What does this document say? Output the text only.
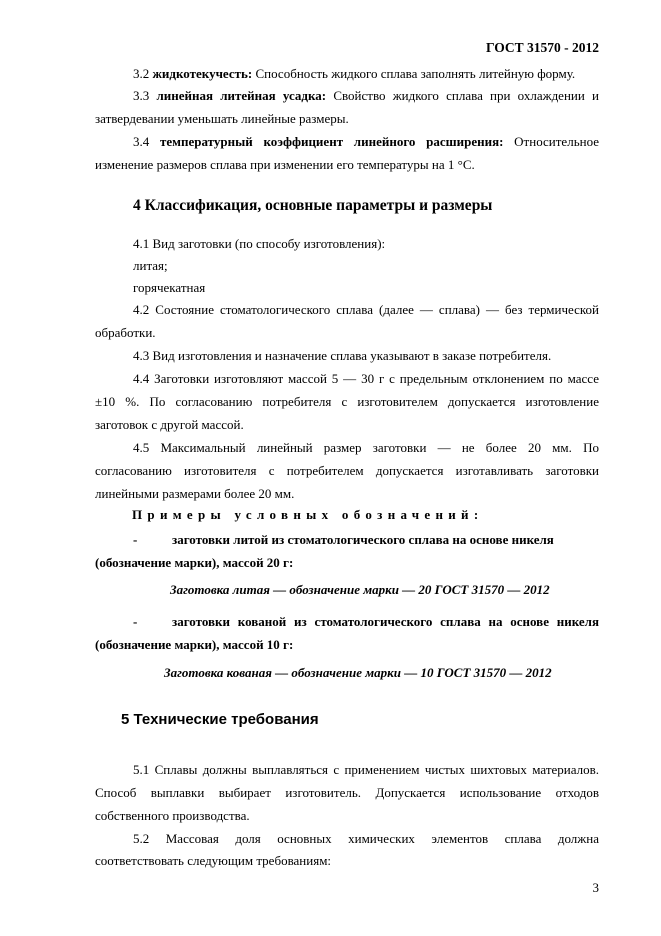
ГОСТ 31570 - 2012
3.2 жидкотекучесть: Способность жидкого сплава заполнять литейную форму.
3.3 линейная литейная усадка: Свойство жидкого сплава при охлаждении и
затвердевании уменьшать линейные размеры.
3.4 температурный коэффициент линейного расширения: Относительное
изменение размеров сплава при изменении его температуры на 1 °С.
4 Классификация, основные параметры и размеры
4.1 Вид заготовки (по способу изготовления):
литая;
горячекатная
4.2 Состояние стоматологического сплава (далее — сплава) — без термической
обработки.
4.3 Вид изготовления и назначение сплава указывают в заказе потребителя.
4.4 Заготовки изготовляют массой 5 — 30 г с предельным отклонением по массе
±10 %. По согласованию потребителя с изготовителем допускается изготовление
заготовок с другой массой.
4.5 Максимальный линейный размер заготовки — не более 20 мм. По
согласованию изготовителя с потребителем допускается изготавливать заготовки
линейными размерами более 20 мм.
Примеры условных обозначений:
-	заготовки литой из стоматологического сплава на основе никеля
(обозначение марки), массой 20 г:
Заготовка литая — обозначение марки — 20 ГОСТ 31570 — 2012
-	заготовки кованой из стоматологического сплава на основе никеля
(обозначение марки), массой 10 г:
Заготовка кованая — обозначение марки — 10 ГОСТ 31570 — 2012
5 Технические требования
5.1 Сплавы должны выплавляться с применением чистых шихтовых материалов.
Способ выплавки выбирает изготовитель. Допускается использование отходов
собственного производства.
5.2 Массовая доля основных химических элементов сплава должна
соответствовать следующим требованиям:
3
